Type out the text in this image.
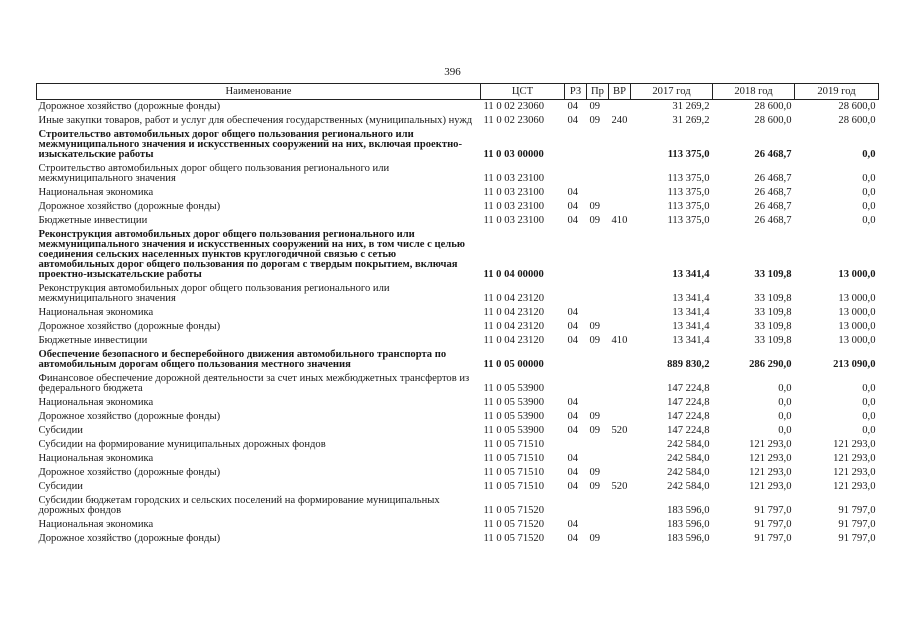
396
Наименование	ЦСТ	РЗ	Пр	ВР	2017 год	2018 год	2019 год
Дорожное хозяйство (дорожные фонды)	11 0 02 23060	04	09		31 269,2	28 600,0	28 600,0
Иные закупки товаров, работ и услуг для обеспечения государственных (муниципальных) нужд	11 0 02 23060	04	09	240	31 269,2	28 600,0	28 600,0
Строительство автомобильных дорог общего пользования регионального или межмуниципального значения и искусственных сооружений на них, включая проектно-изыскательские работы	11 0 03 00000				113 375,0	26 468,7	0,0
Строительство автомобильных дорог общего пользования регионального или межмуниципального значения	11 0 03 23100				113 375,0	26 468,7	0,0
Национальная экономика	11 0 03 23100	04			113 375,0	26 468,7	0,0
Дорожное хозяйство (дорожные фонды)	11 0 03 23100	04	09		113 375,0	26 468,7	0,0
Бюджетные инвестиции	11 0 03 23100	04	09	410	113 375,0	26 468,7	0,0
Реконструкция автомобильных дорог общего пользования регионального или межмуниципального значения и искусственных сооружений на них, в том числе с целью соединения сельских населенных пунктов круглогодичной связью с сетью автомобильных дорог общего пользования по дорогам с твердым покрытием, включая проектно-изыскательские работы	11 0 04 00000				13 341,4	33 109,8	13 000,0
Реконструкция автомобильных дорог общего пользования регионального или межмуниципального значения	11 0 04 23120				13 341,4	33 109,8	13 000,0
Национальная экономика	11 0 04 23120	04			13 341,4	33 109,8	13 000,0
Дорожное хозяйство (дорожные фонды)	11 0 04 23120	04	09		13 341,4	33 109,8	13 000,0
Бюджетные инвестиции	11 0 04 23120	04	09	410	13 341,4	33 109,8	13 000,0
Обеспечение безопасного и бесперебойного движения автомобильного транспорта по автомобильным дорогам общего пользования местного значения	11 0 05 00000				889 830,2	286 290,0	213 090,0
Финансовое обеспечение дорожной деятельности за счет иных межбюджетных трансфертов из федерального бюджета	11 0 05 53900				147 224,8	0,0	0,0
Национальная экономика	11 0 05 53900	04			147 224,8	0,0	0,0
Дорожное хозяйство (дорожные фонды)	11 0 05 53900	04	09		147 224,8	0,0	0,0
Субсидии	11 0 05 53900	04	09	520	147 224,8	0,0	0,0
Субсидии на формирование муниципальных дорожных фондов	11 0 05 71510				242 584,0	121 293,0	121 293,0
Национальная экономика	11 0 05 71510	04			242 584,0	121 293,0	121 293,0
Дорожное хозяйство (дорожные фонды)	11 0 05 71510	04	09		242 584,0	121 293,0	121 293,0
Субсидии	11 0 05 71510	04	09	520	242 584,0	121 293,0	121 293,0
Субсидии бюджетам городских и сельских поселений на формирование муниципальных дорожных фондов	11 0 05 71520				183 596,0	91 797,0	91 797,0
Национальная экономика	11 0 05 71520	04			183 596,0	91 797,0	91 797,0
Дорожное хозяйство (дорожные фонды)	11 0 05 71520	04	09		183 596,0	91 797,0	91 797,0
